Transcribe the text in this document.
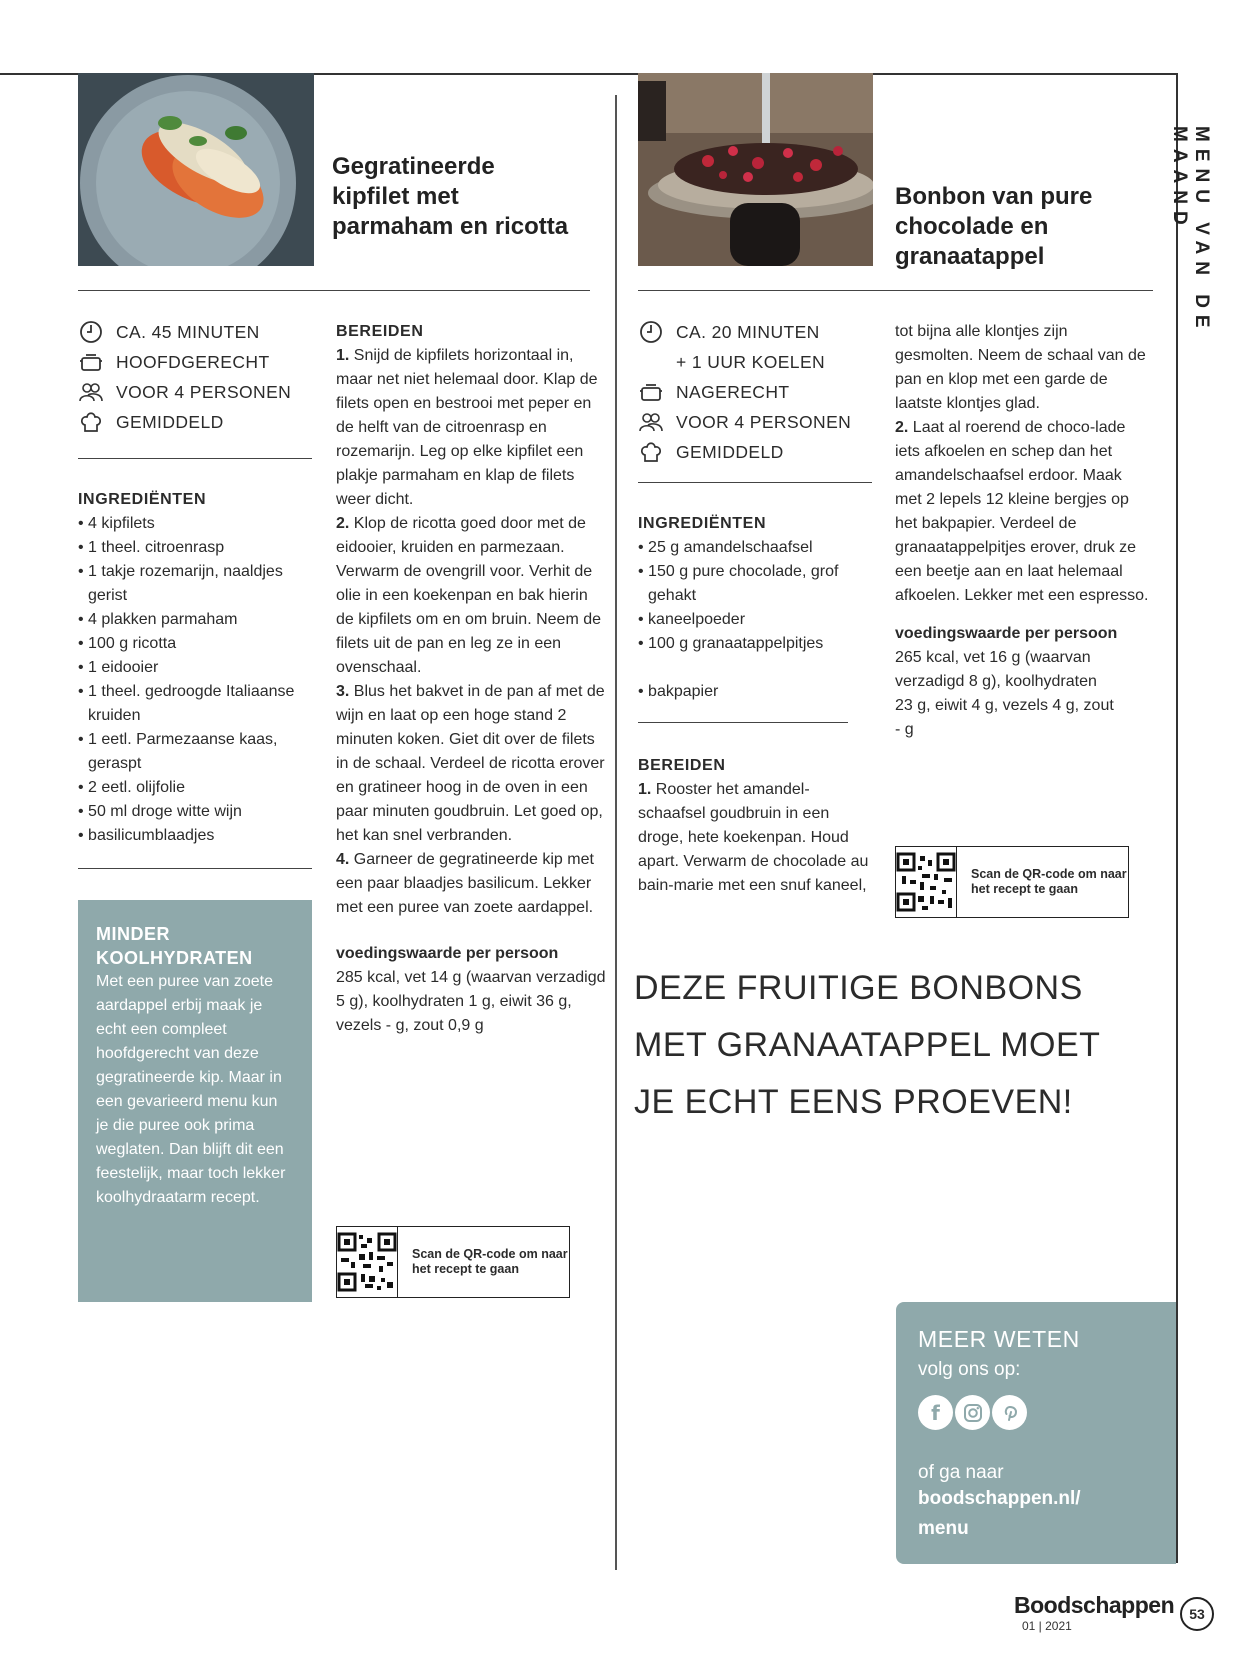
MENU VAN DE MAAND
Gegratineerde kipfilet met parmaham en ricotta
CA. 45 MINUTEN
HOOFDGERECHT
VOOR 4 PERSONEN
GEMIDDELD
INGREDIËNTEN
• 4 kipfilets
• 1 theel. citroenrasp
• 1 takje rozemarijn, naaldjes gerist
• 4 plakken parmaham
• 100 g ricotta
• 1 eidooier
• 1 theel. gedroogde Italiaanse kruiden
• 1 eetl. Parmezaanse kaas, geraspt
• 2 eetl. olijfolie
• 50 ml droge witte wijn
• basilicumblaadjes
MINDER KOOLHYDRATEN
Met een puree van zoete aardappel erbij maak je echt een compleet hoofdgerecht van deze gegratineerde kip. Maar in een gevarieerd menu kun je die puree ook prima weglaten. Dan blijft dit een feestelijk, maar toch lekker koolhydraatarm recept.
BEREIDEN

1. Snijd de kipfilets horizontaal in, maar net niet helemaal door. Klap de filets open en bestrooi met peper en de helft van de citroenrasp en rozemarijn. Leg op elke kipfilet een plakje parmaham en klap de filets weer dicht.

2. Klop de ricotta goed door met de eidooier, kruiden en parmezaan. Verwarm de ovengrill voor. Verhit de olie in een koekenpan en bak hierin de kipfilets om en om bruin. Neem de filets uit de pan en leg ze in een ovenschaal.

3. Blus het bakvet in de pan af met de wijn en laat op een hoge stand 2 minuten koken. Giet dit over de filets in de schaal. Verdeel de ricotta erover en gratineer hoog in de oven in een paar minuten goudbruin. Let goed op, het kan snel verbranden.

4. Garneer de gegratineerde kip met een paar blaadjes basilicum. Lekker met een puree van zoete aardappel.

voedingswaarde per persoon
285 kcal, vet 14 g (waarvan verzadigd 5 g), koolhydraten 1 g, eiwit 36 g, vezels - g, zout 0,9 g
Scan de QR-code om naar het recept te gaan
Bonbon van pure chocolade en granaatappel
CA. 20 MINUTEN
+ 1 UUR KOELEN
NAGERECHT
VOOR 4 PERSONEN
GEMIDDELD
INGREDIËNTEN
• 25 g amandelschaafsel
• 150 g pure chocolade, grof gehakt
• kaneelpoeder
• 100 g granaatappelpitjes
• bakpapier
BEREIDEN
1. Rooster het amandel-schaafsel goudbruin in een droge, hete koekenpan. Houd apart. Verwarm de chocolade au bain-marie met een snuf kaneel,
tot bijna alle klontjes zijn gesmolten. Neem de schaal van de pan en klop met een garde de laatste klontjes glad.
2. Laat al roerend de choco-lade iets afkoelen en schep dan het amandelschaafsel erdoor. Maak met 2 lepels 12 kleine bergjes op het bakpapier. Verdeel de granaatappelpitjes erover, druk ze een beetje aan en laat helemaal afkoelen. Lekker met een espresso.
voedingswaarde per persoon
265 kcal, vet 16 g (waarvan verzadigd 8 g), koolhydraten 23 g, eiwit 4 g, vezels 4 g, zout - g
Scan de QR-code om naar het recept te gaan
DEZE FRUITIGE BONBONS
MET GRANAATAPPEL MOET
JE ECHT EENS PROEVEN!
MEER WETEN
volg ons op:
f
of ga naar
boodschappen.nl/ menu
Boodschappen
01 | 2021
53
